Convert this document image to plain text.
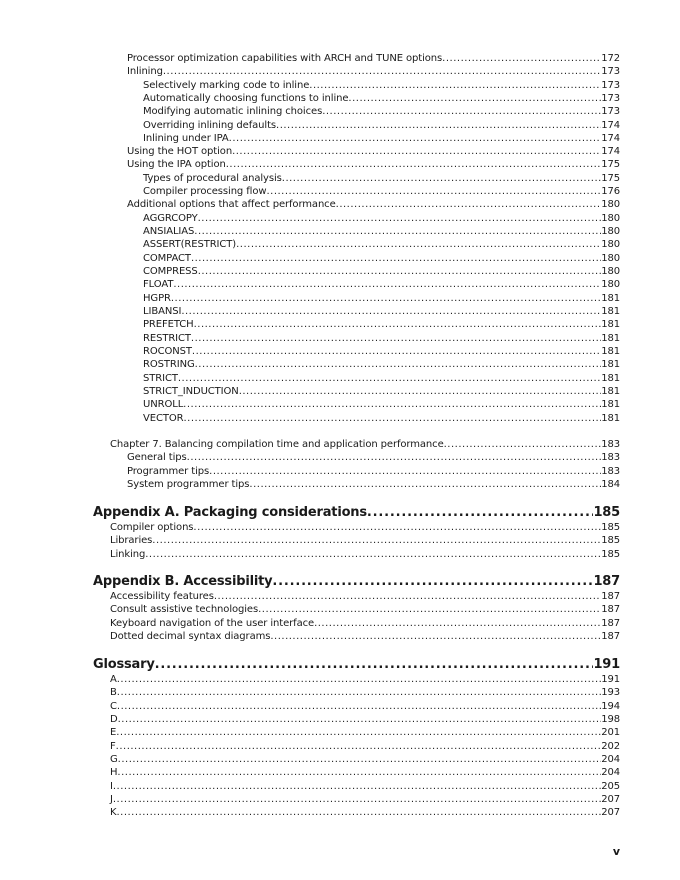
Processor optimization capabilities with ARCH and TUNE options .....	172
Inlining .....	173
Selectively marking code to inline .....	173
Automatically choosing functions to inline .....	173
Modifying automatic inlining choices .....	173
Overriding inlining defaults .....	174
Inlining under IPA .....	174
Using the HOT option .....	174
Using the IPA option .....	175
Types of procedural analysis .....	175
Compiler processing flow .....	176
Additional options that affect performance .....	180
AGGRCOPY .....	180
ANSIALIAS .....	180
ASSERT(RESTRICT) .....	180
COMPACT .....	180
COMPRESS .....	180
FLOAT .....	180
HGPR .....	181
LIBANSI .....	181
PREFETCH .....	181
RESTRICT .....	181
ROCONST .....	181
ROSTRING .....	181
STRICT .....	181
STRICT_INDUCTION .....	181
UNROLL .....	181
VECTOR .....	181
Chapter 7. Balancing compilation time and application performance .....	183
General tips .....	183
Programmer tips .....	183
System programmer tips .....	184
Appendix A. Packaging considerations .....	185
Compiler options .....	185
Libraries .....	185
Linking .....	185
Appendix B. Accessibility .....	187
Accessibility features .....	187
Consult assistive technologies .....	187
Keyboard navigation of the user interface .....	187
Dotted decimal syntax diagrams .....	187
Glossary .....	191
A .....	191
B .....	193
C .....	194
D .....	198
E .....	201
F .....	202
G .....	204
H .....	204
I .....	205
J .....	207
K .....	207
v
